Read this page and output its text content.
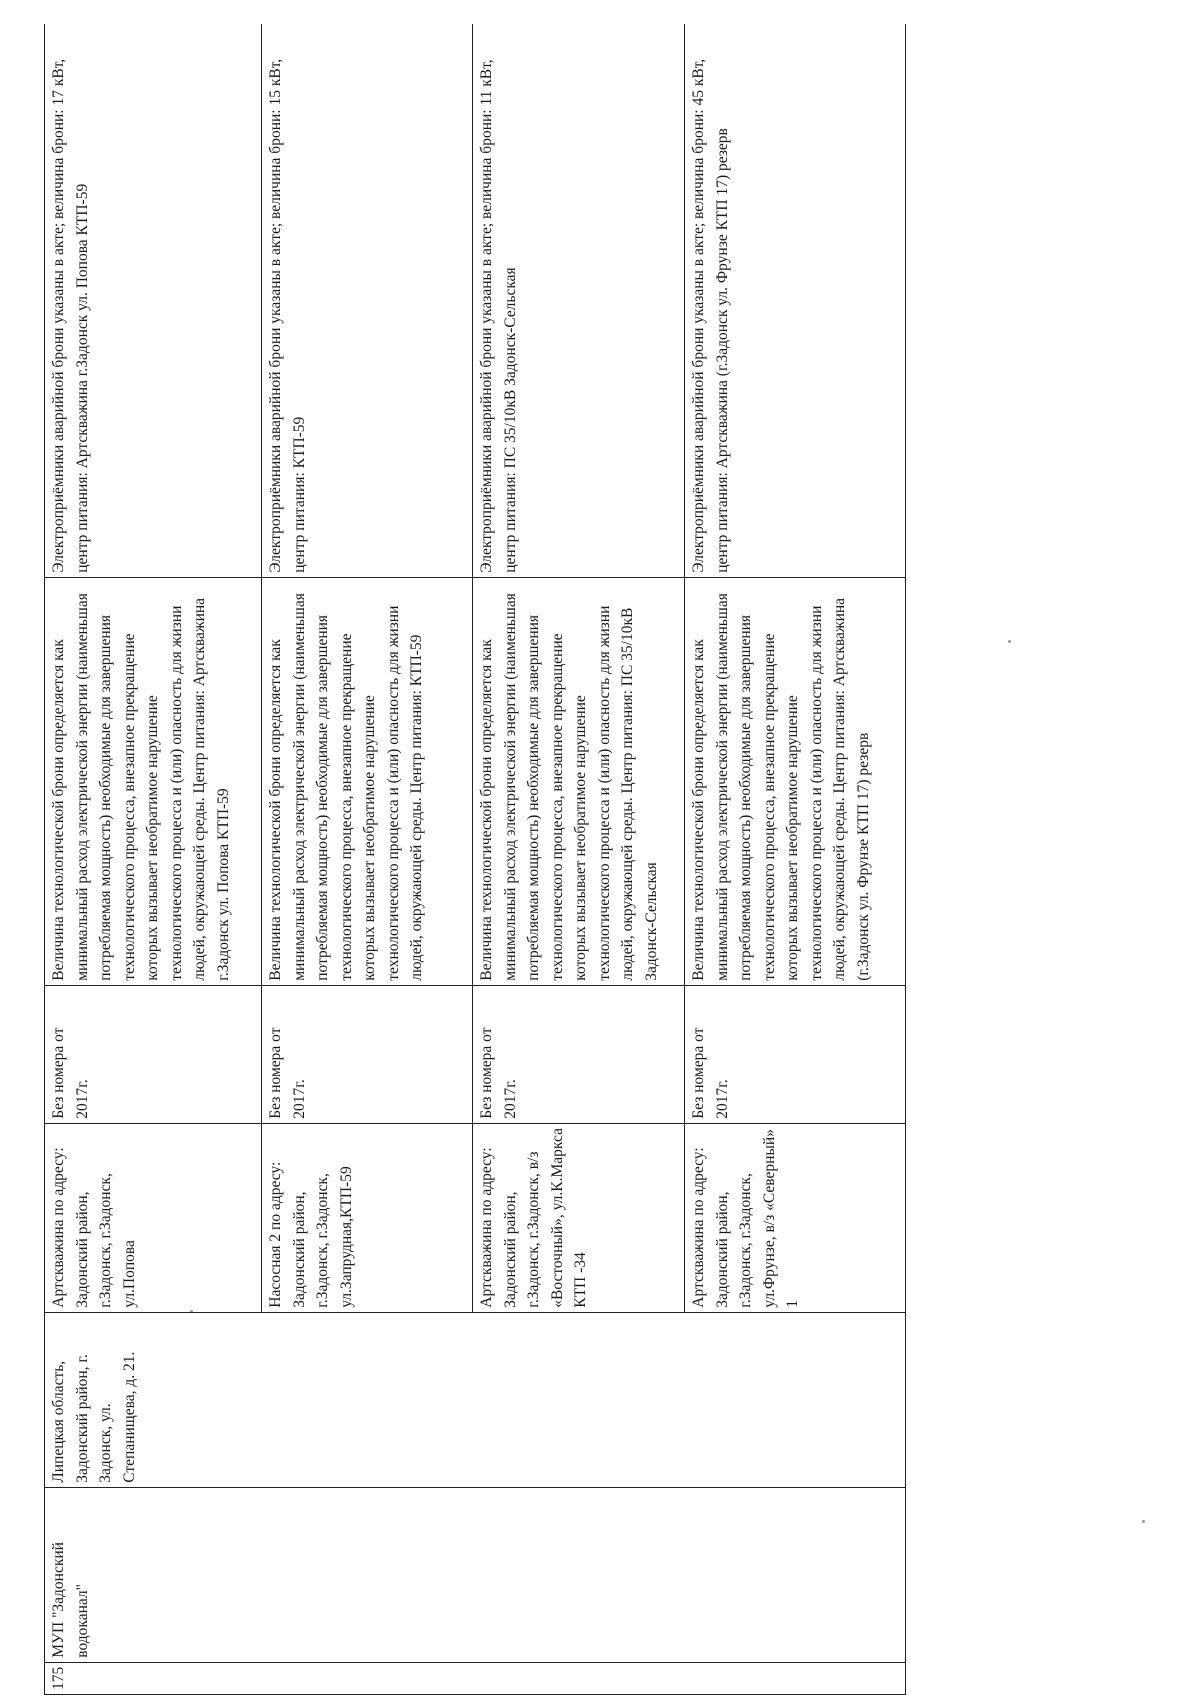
175	МУП "Задонский водоканал"	Липецкая область, Задонский район, г. Задонск, ул. Степанищева, д. 21.	Артскважина по адресу: Задонский район, г.Задонск, г.Задонск, ул.Попова	Без номера от 2017г.	Величина технологической брони определяется как минимальный расход электрической энергии (наименьшая потребляемая мощность) необходимые для завершения технологического процесса, внезапное прекращение которых вызывает необратимое нарушение технологического процесса и (или) опасность для жизни людей, окружающей среды. Центр питания: Артскважина г.Задонск ул. Попова КТП-59	Электроприёмники аварийной брони указаны в акте; величина брони: 17 кВт, центр питания: Артскважина г.Задонск ул. Попова КТП-59
			Насосная 2 по адресу: Задонский район, г.Задонск, г.Задонск, ул.Запрудная,КТП-59	Без номера от 2017г.	Величина технологической брони определяется как минимальный расход электрической энергии (наименьшая потребляемая мощность) необходимые для завершения технологического процесса, внезапное прекращение которых вызывает необратимое нарушение технологического процесса и (или) опасность для жизни людей, окружающей среды. Центр питания: КТП-59	Электроприёмники аварийной брони указаны в акте; величина брони: 15 кВт, центр питания: КТП-59
			Артскважина по адресу: Задонский район, г.Задонск, г.Задонск, в/з «Восточный», ул.К.Маркса КТП -34	Без номера от 2017г.	Величина технологической брони определяется как минимальный расход электрической энергии (наименьшая потребляемая мощность) необходимые для завершения технологического процесса, внезапное прекращение которых вызывает необратимое нарушение технологического процесса и (или) опасность для жизни людей, окружающей среды. Центр питания: ПС 35/10кВ Задонск-Сельская	Электроприёмники аварийной брони указаны в акте; величина брони: 11 кВт, центр питания: ПС 35/10кВ Задонск-Сельская
			Артскважина по адресу: Задонский район, г.Задонск, г.Задонск, ул.Фрунзе, в/з «Северный» 1	Без номера от 2017г.	Величина технологической брони определяется как минимальный расход электрической энергии (наименьшая потребляемая мощность) необходимые для завершения технологического процесса, внезапное прекращение которых вызывает необратимое нарушение технологического процесса и (или) опасность для жизни людей, окружающей среды. Центр питания: Артскважина (г.Задонск ул. Фрунзе КТП 17) резерв	Электроприёмники аварийной брони указаны в акте; величина брони: 45 кВт, центр питания: Артскважина (г.Задонск ул. Фрунзе КТП 17) резерв
